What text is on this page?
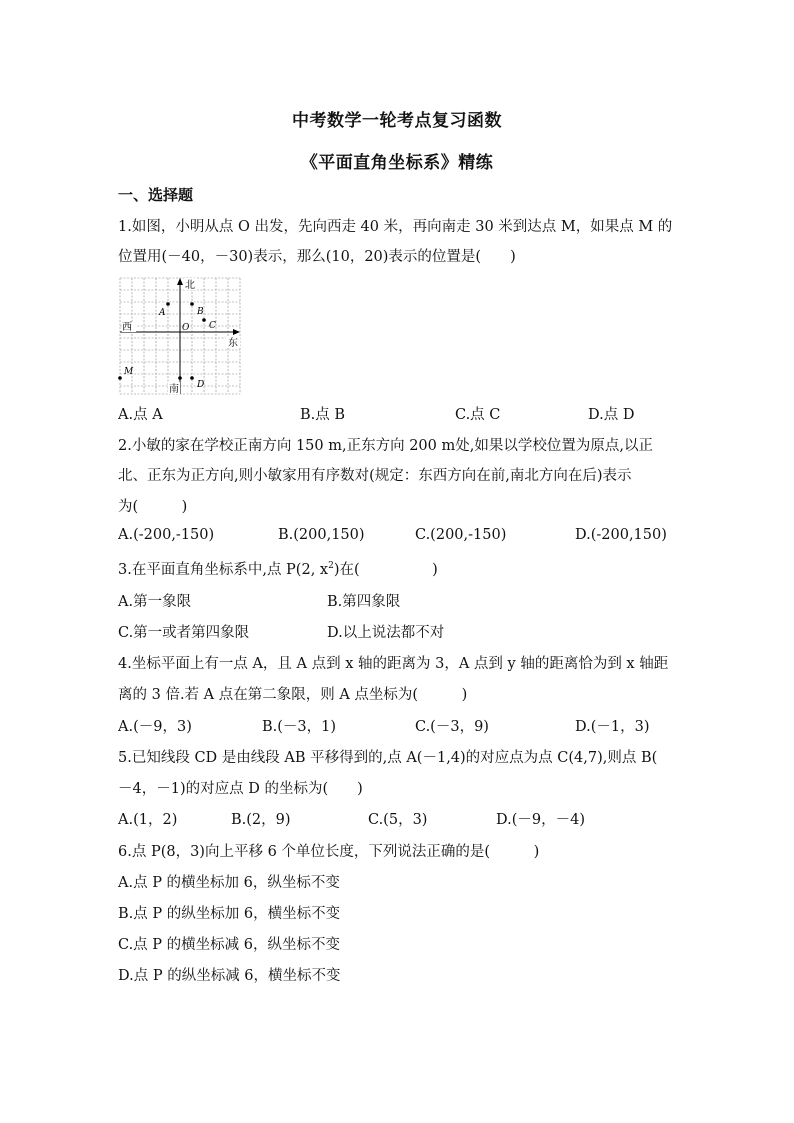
中考数学一轮考点复习函数
《平面直角坐标系》精练
一、选择题
1.如图，小明从点 O 出发，先向西走 40 米，再向南走 30 米到达点 M，如果点 M 的
位置用(－40，－30)表示，那么(10，20)表示的位置是(　　)
北
西
东
南
O
A	B
C
D
M
A.点 A	B.点 B	C.点 C	D.点 D
2.小敏的家在学校正南方向 150 m,正东方向 200 m处,如果以学校位置为原点,以正
北、正东为正方向,则小敏家用有序数对(规定：东西方向在前,南北方向在后)表示
为(　　　)
A.(-200,-150)	B.(200,150)	C.(200,-150)	D.(-200,150)
3.在平面直角坐标系中,点 P(2, $x^2$)在(　　　　　)
A.第一象限	B.第四象限
C.第一或者第四象限	D.以上说法都不对
4.坐标平面上有一点 A，且 A 点到 x 轴的距离为 3，A 点到 y 轴的距离恰为到 x 轴距
离的 3 倍.若 A 点在第二象限，则 A 点坐标为(　　　)
A.(－9，3)	B.(－3，1)	C.(－3，9)	D.(－1，3)
5.已知线段 CD 是由线段 AB 平移得到的,点 A(－1,4)的对应点为点 C(4,7),则点 B(
－4，－1)的对应点 D 的坐标为(　　)
A.(1，2)	B.(2，9)	C.(5，3)	D.(－9，－4)
6.点 P(8，3)向上平移 6 个单位长度，下列说法正确的是(　　　)
A.点 P 的横坐标加 6，纵坐标不变
B.点 P 的纵坐标加 6，横坐标不变
C.点 P 的横坐标减 6，纵坐标不变
D.点 P 的纵坐标减 6，横坐标不变
